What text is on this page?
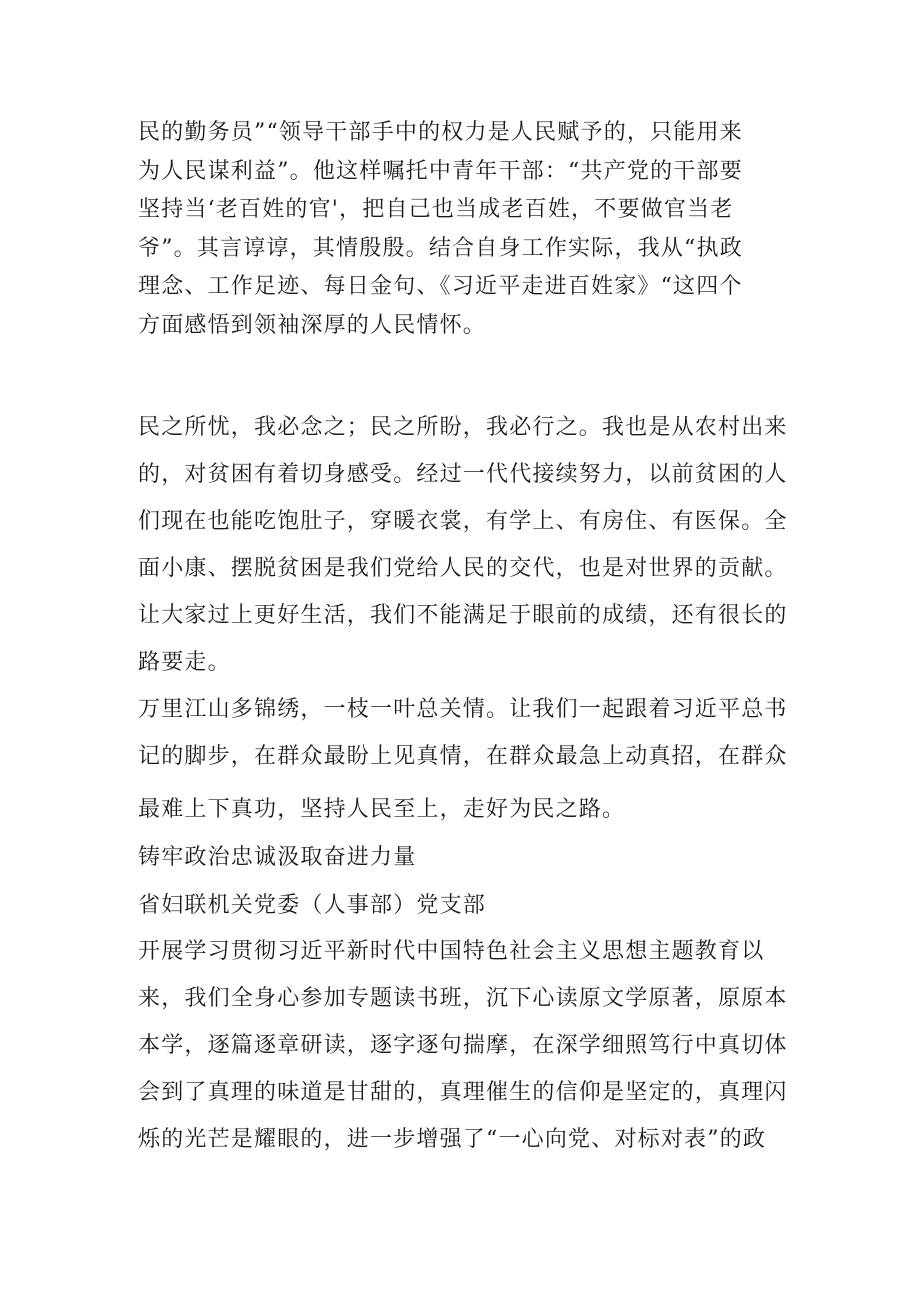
民的勤务员”“领导干部手中的权力是人民赋予的，只能用来
为人民谋利益”。他这样嘱托中青年干部：“共产党的干部要
坚持当‘老百姓的官'，把自己也当成老百姓，不要做官当老
爷”。其言谆谆，其情殷殷。结合自身工作实际，我从“执政
理念、工作足迹、每日金句、《习近平走进百姓家》“这四个
方面感悟到领袖深厚的人民情怀。
民之所忧，我必念之；民之所盼，我必行之。我也是从农村出来
的，对贫困有着切身感受。经过一代代接续努力，以前贫困的人
们现在也能吃饱肚子，穿暖衣裳，有学上、有房住、有医保。全
面小康、摆脱贫困是我们党给人民的交代，也是对世界的贡献。
让大家过上更好生活，我们不能满足于眼前的成绩，还有很长的
路要走。
万里江山多锦绣，一枝一叶总关情。让我们一起跟着习近平总书
记的脚步，在群众最盼上见真情，在群众最急上动真招，在群众
最难上下真功，坚持人民至上，走好为民之路。
铸牢政治忠诚汲取奋进力量
省妇联机关党委（人事部）党支部
开展学习贯彻习近平新时代中国特色社会主义思想主题教育以
来，我们全身心参加专题读书班，沉下心读原文学原著，原原本
本学，逐篇逐章研读，逐字逐句揣摩，在深学细照笃行中真切体
会到了真理的味道是甘甜的，真理催生的信仰是坚定的，真理闪
烁的光芒是耀眼的，进一步增强了“一心向党、对标对表”的政
